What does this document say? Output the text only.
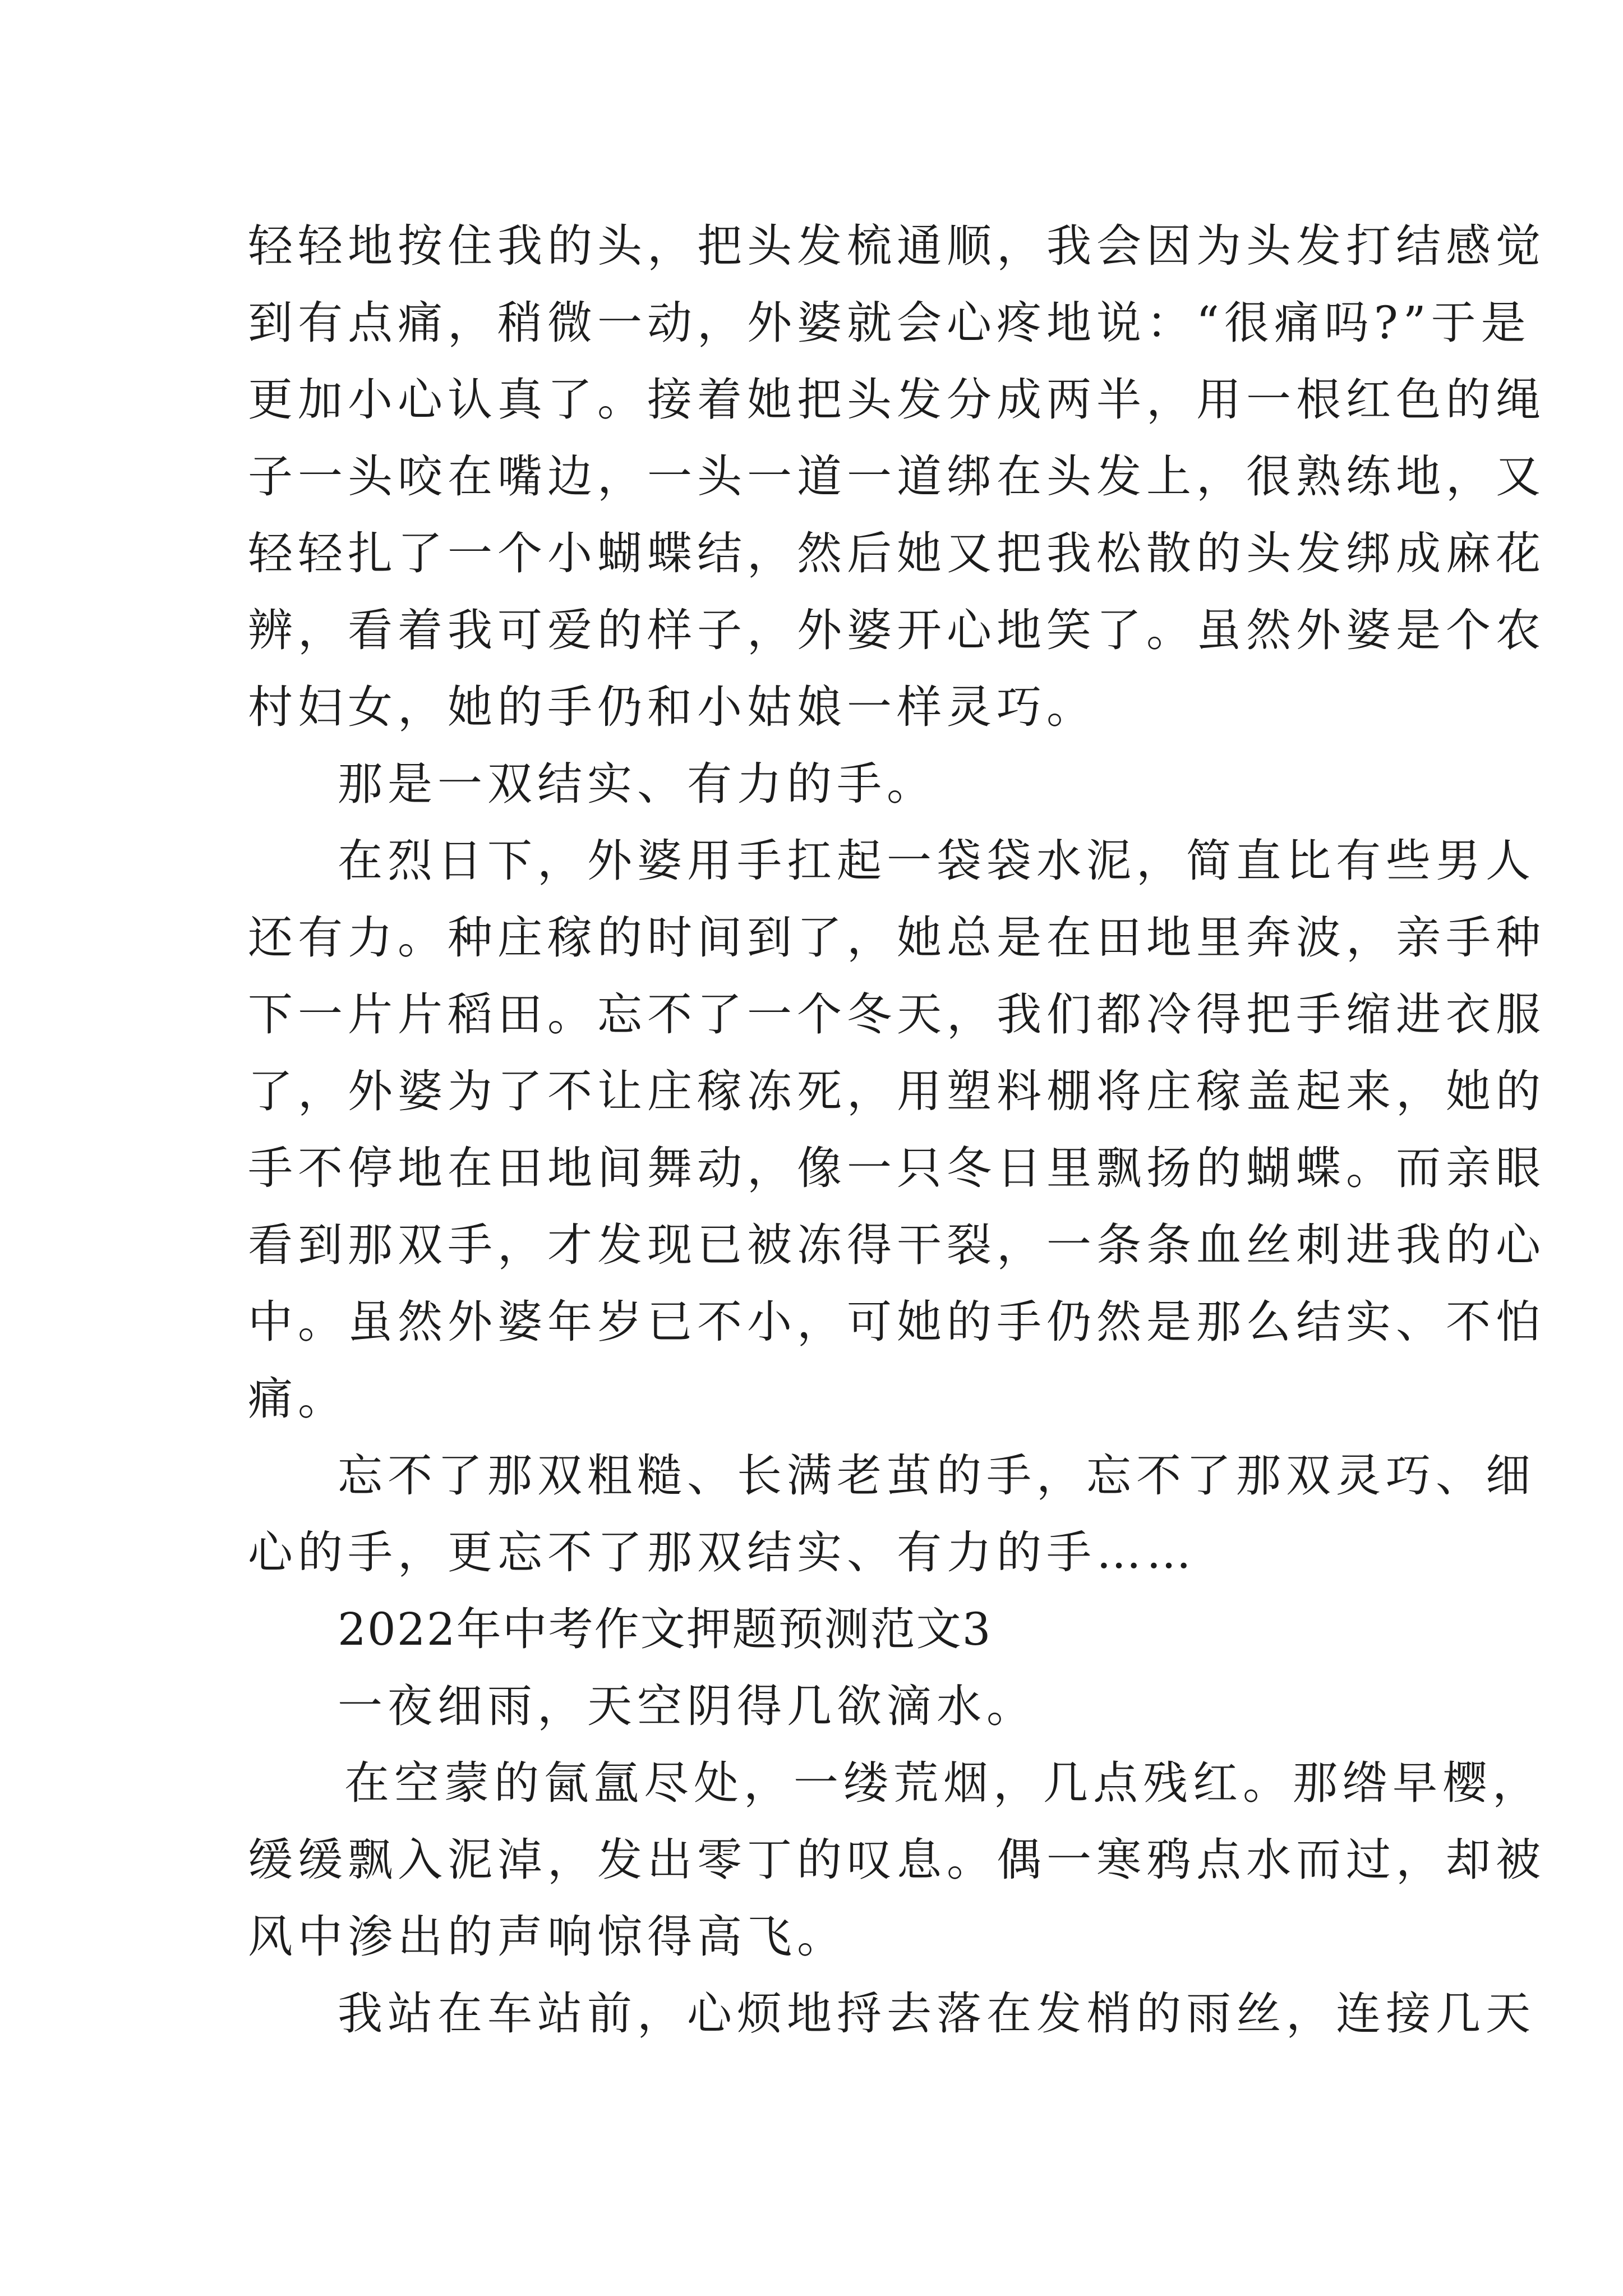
轻轻地按住我的头，把头发梳通顺，我会因为头发打结感觉
到有点痛，稍微一动，外婆就会心疼地说：“很痛吗?”于是
更加小心认真了。接着她把头发分成两半，用一根红色的绳
子一头咬在嘴边，一头一道一道绑在头发上，很熟练地，又
轻轻扎了一个小蝴蝶结，然后她又把我松散的头发绑成麻花
辨，看着我可爱的样子，外婆开心地笑了。虽然外婆是个农
村妇女，她的手仍和小姑娘一样灵巧。
那是一双结实、有力的手。
在烈日下，外婆用手扛起一袋袋水泥，简直比有些男人
还有力。种庄稼的时间到了，她总是在田地里奔波，亲手种
下一片片稻田。忘不了一个冬天，我们都冷得把手缩进衣服
了，外婆为了不让庄稼冻死，用塑料棚将庄稼盖起来，她的
手不停地在田地间舞动，像一只冬日里飘扬的蝴蝶。而亲眼
看到那双手，才发现已被冻得干裂，一条条血丝刺进我的心
中。虽然外婆年岁已不小，可她的手仍然是那么结实、不怕
痛。
忘不了那双粗糙、长满老茧的手，忘不了那双灵巧、细
心的手，更忘不了那双结实、有力的手……
2022年中考作文押题预测范文3
一夜细雨，天空阴得几欲滴水。
在空蒙的氤氲尽处，一缕荒烟，几点残红。那绺早樱，
缓缓飘入泥淖，发出零丁的叹息。偶一寒鸦点水而过，却被
风中渗出的声响惊得高飞。
我站在车站前，心烦地捋去落在发梢的雨丝，连接几天
